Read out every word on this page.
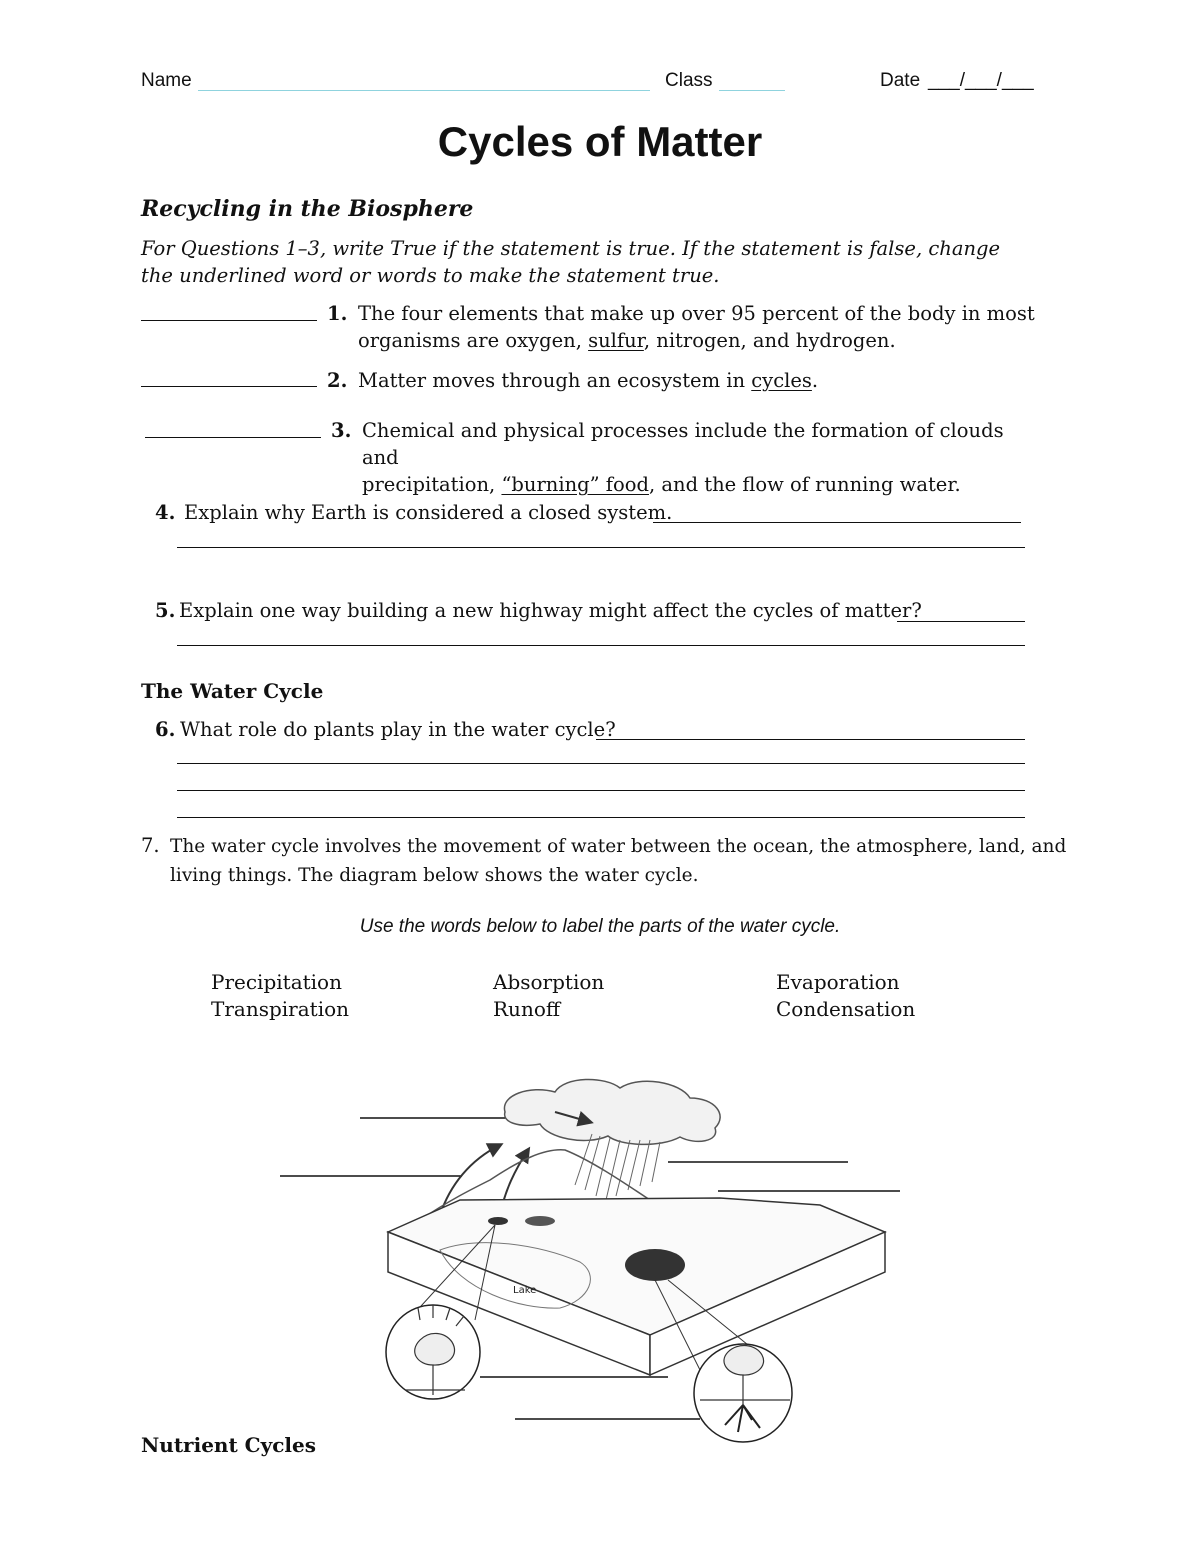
Name	Class	Date ___/___/___
Cycles of Matter
Recycling in the Biosphere
For Questions 1–3, write True if the statement is true. If the statement is false, change the underlined word or words to make the statement true.
1. The four elements that make up over 95 percent of the body in most
organisms are oxygen, sulfur, nitrogen, and hydrogen.
2. Matter moves through an ecosystem in cycles.
3. Chemical and physical processes include the formation of clouds and
precipitation, “burning” food, and the flow of running water.
4. Explain why Earth is considered a closed system.
5. Explain one way building a new highway might affect the cycles of matter?
The Water Cycle
6. What role do plants play in the water cycle?
7. The water cycle involves the movement of water between the ocean, the atmosphere, land, and
living things. The diagram below shows the water cycle.
Use the words below to label the parts of the water cycle.
Precipitation	Absorption	Evaporation
Transpiration	Runoff	Condensation
Lake
Nutrient Cycles
